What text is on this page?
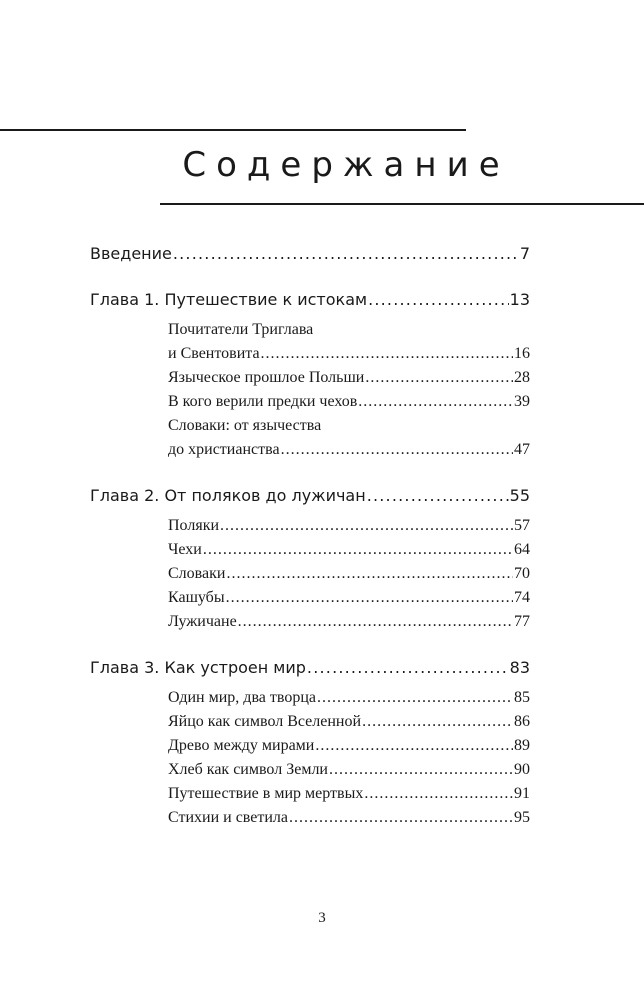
Содержание
Введение .....	7
Глава 1. Путешествие к истокам .....	13
Почитатели Триглава
и Свентовита .....	16
Языческое прошлое Польши .....	28
В кого верили предки чехов .....	39
Словаки: от язычества
до христианства .....	47
Глава 2. От поляков до лужичан .....	55
Поляки .....	57
Чехи .....	64
Словаки .....	70
Кашубы .....	74
Лужичане .....	77
Глава 3. Как устроен мир .....	83
Один мир, два творца .....	85
Яйцо как символ Вселенной .....	86
Древо между мирами .....	89
Хлеб как символ Земли .....	90
Путешествие в мир мертвых .....	91
Стихии и светила .....	95
3
